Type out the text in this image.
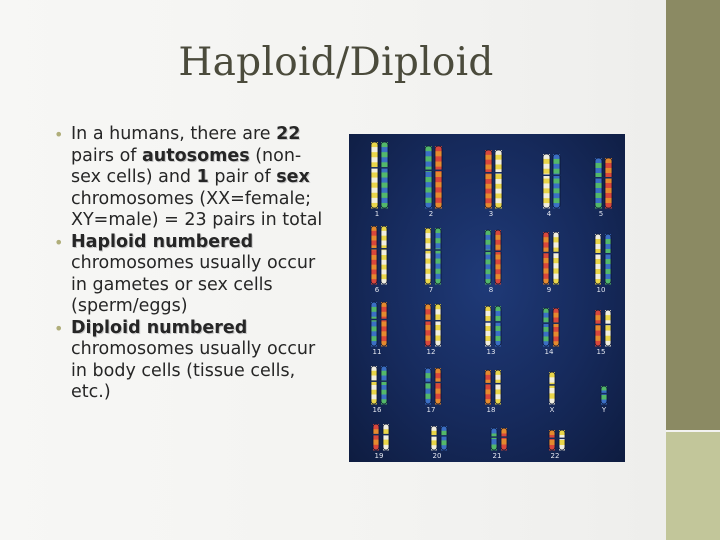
Haploid/Diploid
• In a humans, there are 22 pairs of autosomes (non-sex cells) and 1 pair of sex chromosomes (XX=female; XY=male) = 23 pairs in total
• Haploid numbered chromosomes usually occur in gametes or sex cells (sperm/eggs)
• Diploid numbered chromosomes usually occur in body cells (tissue cells, etc.)
1	2	3	4	5
6	7	8	9	10
11	12	13	14	15
16	17	18	X	Y
19	20	21	22
